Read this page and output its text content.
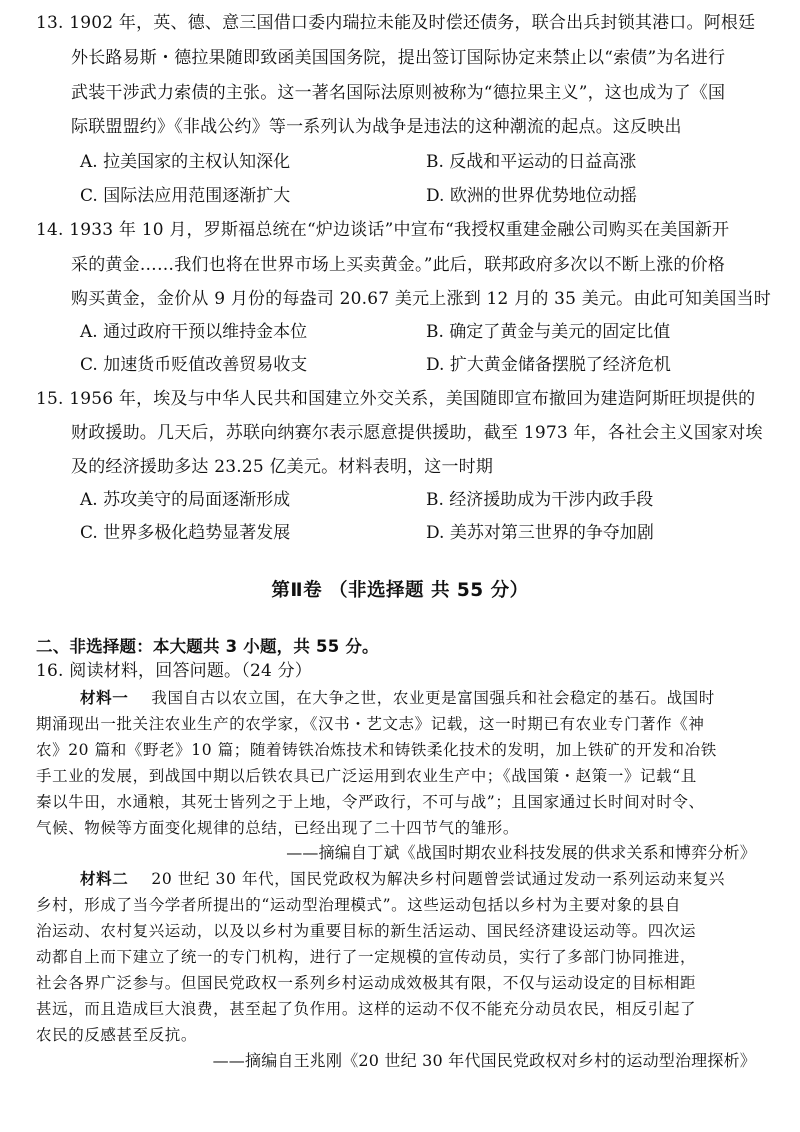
13. 1902 年，英、德、意三国借口委内瑞拉未能及时偿还债务，联合出兵封锁其港口。阿根廷
外长路易斯・德拉果随即致函美国国务院，提出签订国际协定来禁止以“索债”为名进行
武装干涉武力索债的主张。这一著名国际法原则被称为“德拉果主义”，这也成为了《国
际联盟盟约》《非战公约》等一系列认为战争是违法的这种潮流的起点。这反映出
A. 拉美国家的主权认知深化	B. 反战和平运动的日益高涨
C. 国际法应用范围逐渐扩大	D. 欧洲的世界优势地位动摇
14. 1933 年 10 月，罗斯福总统在“炉边谈话”中宣布“我授权重建金融公司购买在美国新开
采的黄金……我们也将在世界市场上买卖黄金。”此后，联邦政府多次以不断上涨的价格
购买黄金，金价从 9 月份的每盎司 20.67 美元上涨到 12 月的 35 美元。由此可知美国当时
A. 通过政府干预以维持金本位	B. 确定了黄金与美元的固定比值
C. 加速货币贬值改善贸易收支	D. 扩大黄金储备摆脱了经济危机
15. 1956 年，埃及与中华人民共和国建立外交关系，美国随即宣布撤回为建造阿斯旺坝提供的
财政援助。几天后，苏联向纳赛尔表示愿意提供援助，截至 1973 年，各社会主义国家对埃
及的经济援助多达 23.25 亿美元。材料表明，这一时期
A. 苏攻美守的局面逐渐形成	B. 经济援助成为干涉内政手段
C. 世界多极化趋势显著发展	D. 美苏对第三世界的争夺加剧
第Ⅱ卷 （非选择题 共 55 分）
二、非选择题：本大题共 3 小题，共 55 分。
16. 阅读材料，回答问题。（24 分）
材料一 我国自古以农立国，在大争之世，农业更是富国强兵和社会稳定的基石。战国时
期涌现出一批关注农业生产的农学家，《汉书・艺文志》记载，这一时期已有农业专门著作《神
农》20 篇和《野老》10 篇；随着铸铁冶炼技术和铸铁柔化技术的发明，加上铁矿的开发和冶铁
手工业的发展，到战国中期以后铁农具已广泛运用到农业生产中；《战国策・赵策一》记载“且
秦以牛田，水通粮，其死士皆列之于上地，令严政行，不可与战”；且国家通过长时间对时令、
气候、物候等方面变化规律的总结，已经出现了二十四节气的雏形。
——摘编自丁斌《战国时期农业科技发展的供求关系和博弈分析》
材料二 20 世纪 30 年代，国民党政权为解决乡村问题曾尝试通过发动一系列运动来复兴
乡村，形成了当今学者所提出的“运动型治理模式”。这些运动包括以乡村为主要对象的县自
治运动、农村复兴运动，以及以乡村为重要目标的新生活运动、国民经济建设运动等。四次运
动都自上而下建立了统一的专门机构，进行了一定规模的宣传动员，实行了多部门协同推进，
社会各界广泛参与。但国民党政权一系列乡村运动成效极其有限，不仅与运动设定的目标相距
甚远，而且造成巨大浪费，甚至起了负作用。这样的运动不仅不能充分动员农民，相反引起了
农民的反感甚至反抗。
——摘编自王兆刚《20 世纪 30 年代国民党政权对乡村的运动型治理探析》
